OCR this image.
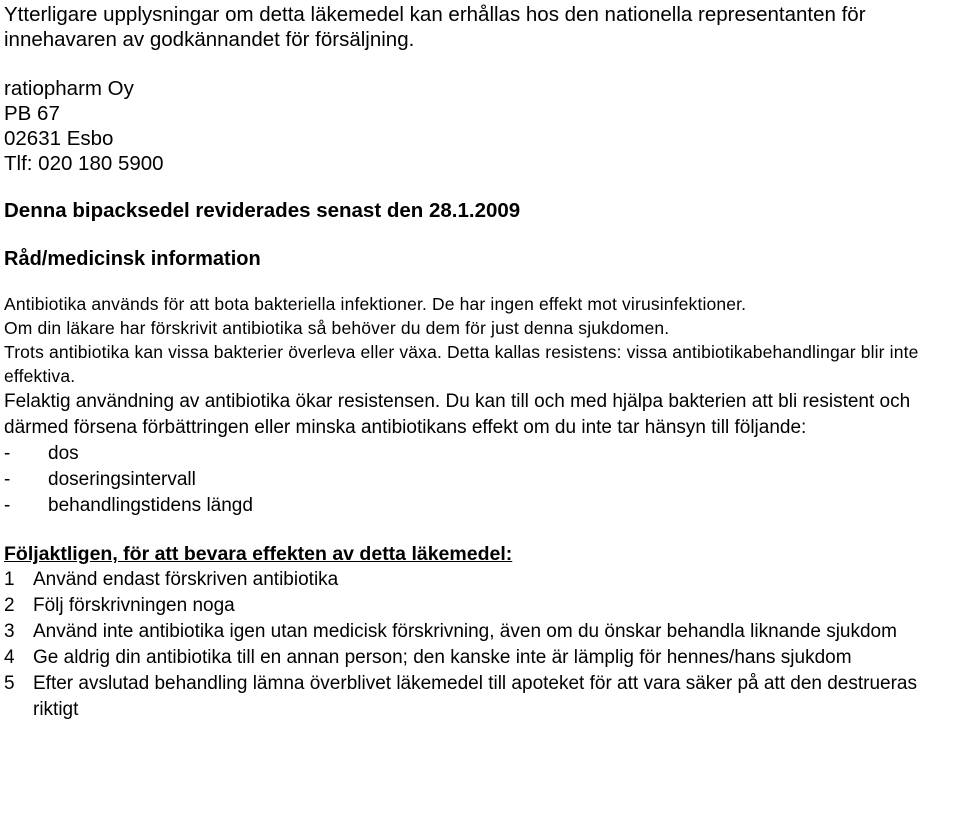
Ytterligare upplysningar om detta läkemedel kan erhållas hos den nationella representanten för innehavaren av godkännandet för försäljning.

ratiopharm Oy

PB 67

02631 Esbo

Tlf: 020 180 5900

Denna bipacksedel reviderades senast den 28.1.2009

Råd/medicinsk information

Antibiotika används för att bota bakteriella infektioner. De har ingen effekt mot virusinfektioner.

Om din läkare har förskrivit antibiotika så behöver du dem för just denna sjukdomen.

Trots antibiotika kan vissa bakterier överleva eller växa. Detta kallas resistens: vissa antibiotikabehandlingar blir inte effektiva.

Felaktig användning av antibiotika ökar resistensen. Du kan till och med hjälpa bakterien att bli resistent och därmed försena förbättringen eller minska antibiotikans effekt om du inte tar hänsyn till följande:

-	dos
-	doseringsintervall
-	behandlingstidens längd
Följaktligen, för att bevara effekten av detta läkemedel:
1 Använd endast förskriven antibiotika
2 Följ förskrivningen noga
3 Använd inte antibiotika igen utan medicisk förskrivning, även om du önskar behandla liknande sjukdom
4 Ge aldrig din antibiotika till en annan person; den kanske inte är lämplig för hennes/hans sjukdom
5 Efter avslutad behandling lämna överblivet läkemedel till apoteket för att vara säker på att den destrueras riktigt
